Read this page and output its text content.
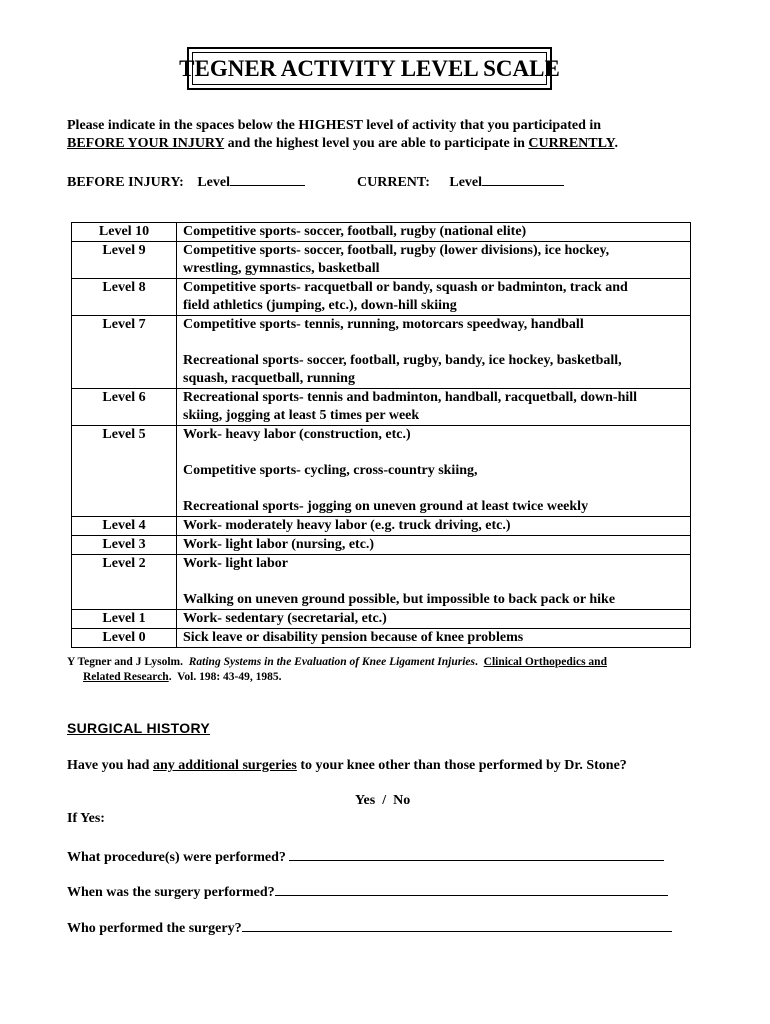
TEGNER ACTIVITY LEVEL SCALE
Please indicate in the spaces below the HIGHEST level of activity that you participated in
BEFORE YOUR INJURY and the highest level you are able to participate in CURRENTLY.
BEFORE INJURY: Level	CURRENT: Level
Level 10	Competitive sports- soccer, football, rugby (national elite)

Level 9	Competitive sports- soccer, football, rugby (lower divisions), ice hockey,
wrestling, gymnastics, basketball

Level 8	Competitive sports- racquetball or bandy, squash or badminton, track and
field athletics (jumping, etc.), down-hill skiing

Level 7	Competitive sports- tennis, running, motorcars speedway, handball
Recreational sports- soccer, football, rugby, bandy, ice hockey, basketball,
squash, racquetball, running

Level 6	Recreational sports- tennis and badminton, handball, racquetball, down-hill
skiing, jogging at least 5 times per week

Level 5	Work- heavy labor (construction, etc.)
Competitive sports- cycling, cross-country skiing,
Recreational sports- jogging on uneven ground at least twice weekly

Level 4	Work- moderately heavy labor (e.g. truck driving, etc.)

Level 3	Work- light labor (nursing, etc.)

Level 2	Work- light labor
Walking on uneven ground possible, but impossible to back pack or hike

Level 1	Work- sedentary (secretarial, etc.)

Level 0	Sick leave or disability pension because of knee problems
Y Tegner and J Lysolm. Rating Systems in the Evaluation of Knee Ligament Injuries.  Clinical Orthopedics and
Related Research.  Vol. 198: 43-49, 1985.
SURGICAL HISTORY
Have you had any additional surgeries to your knee other than those performed by Dr. Stone?
Yes  /  No
If Yes:
What procedure(s) were performed?
When was the surgery performed?
Who performed the surgery?
